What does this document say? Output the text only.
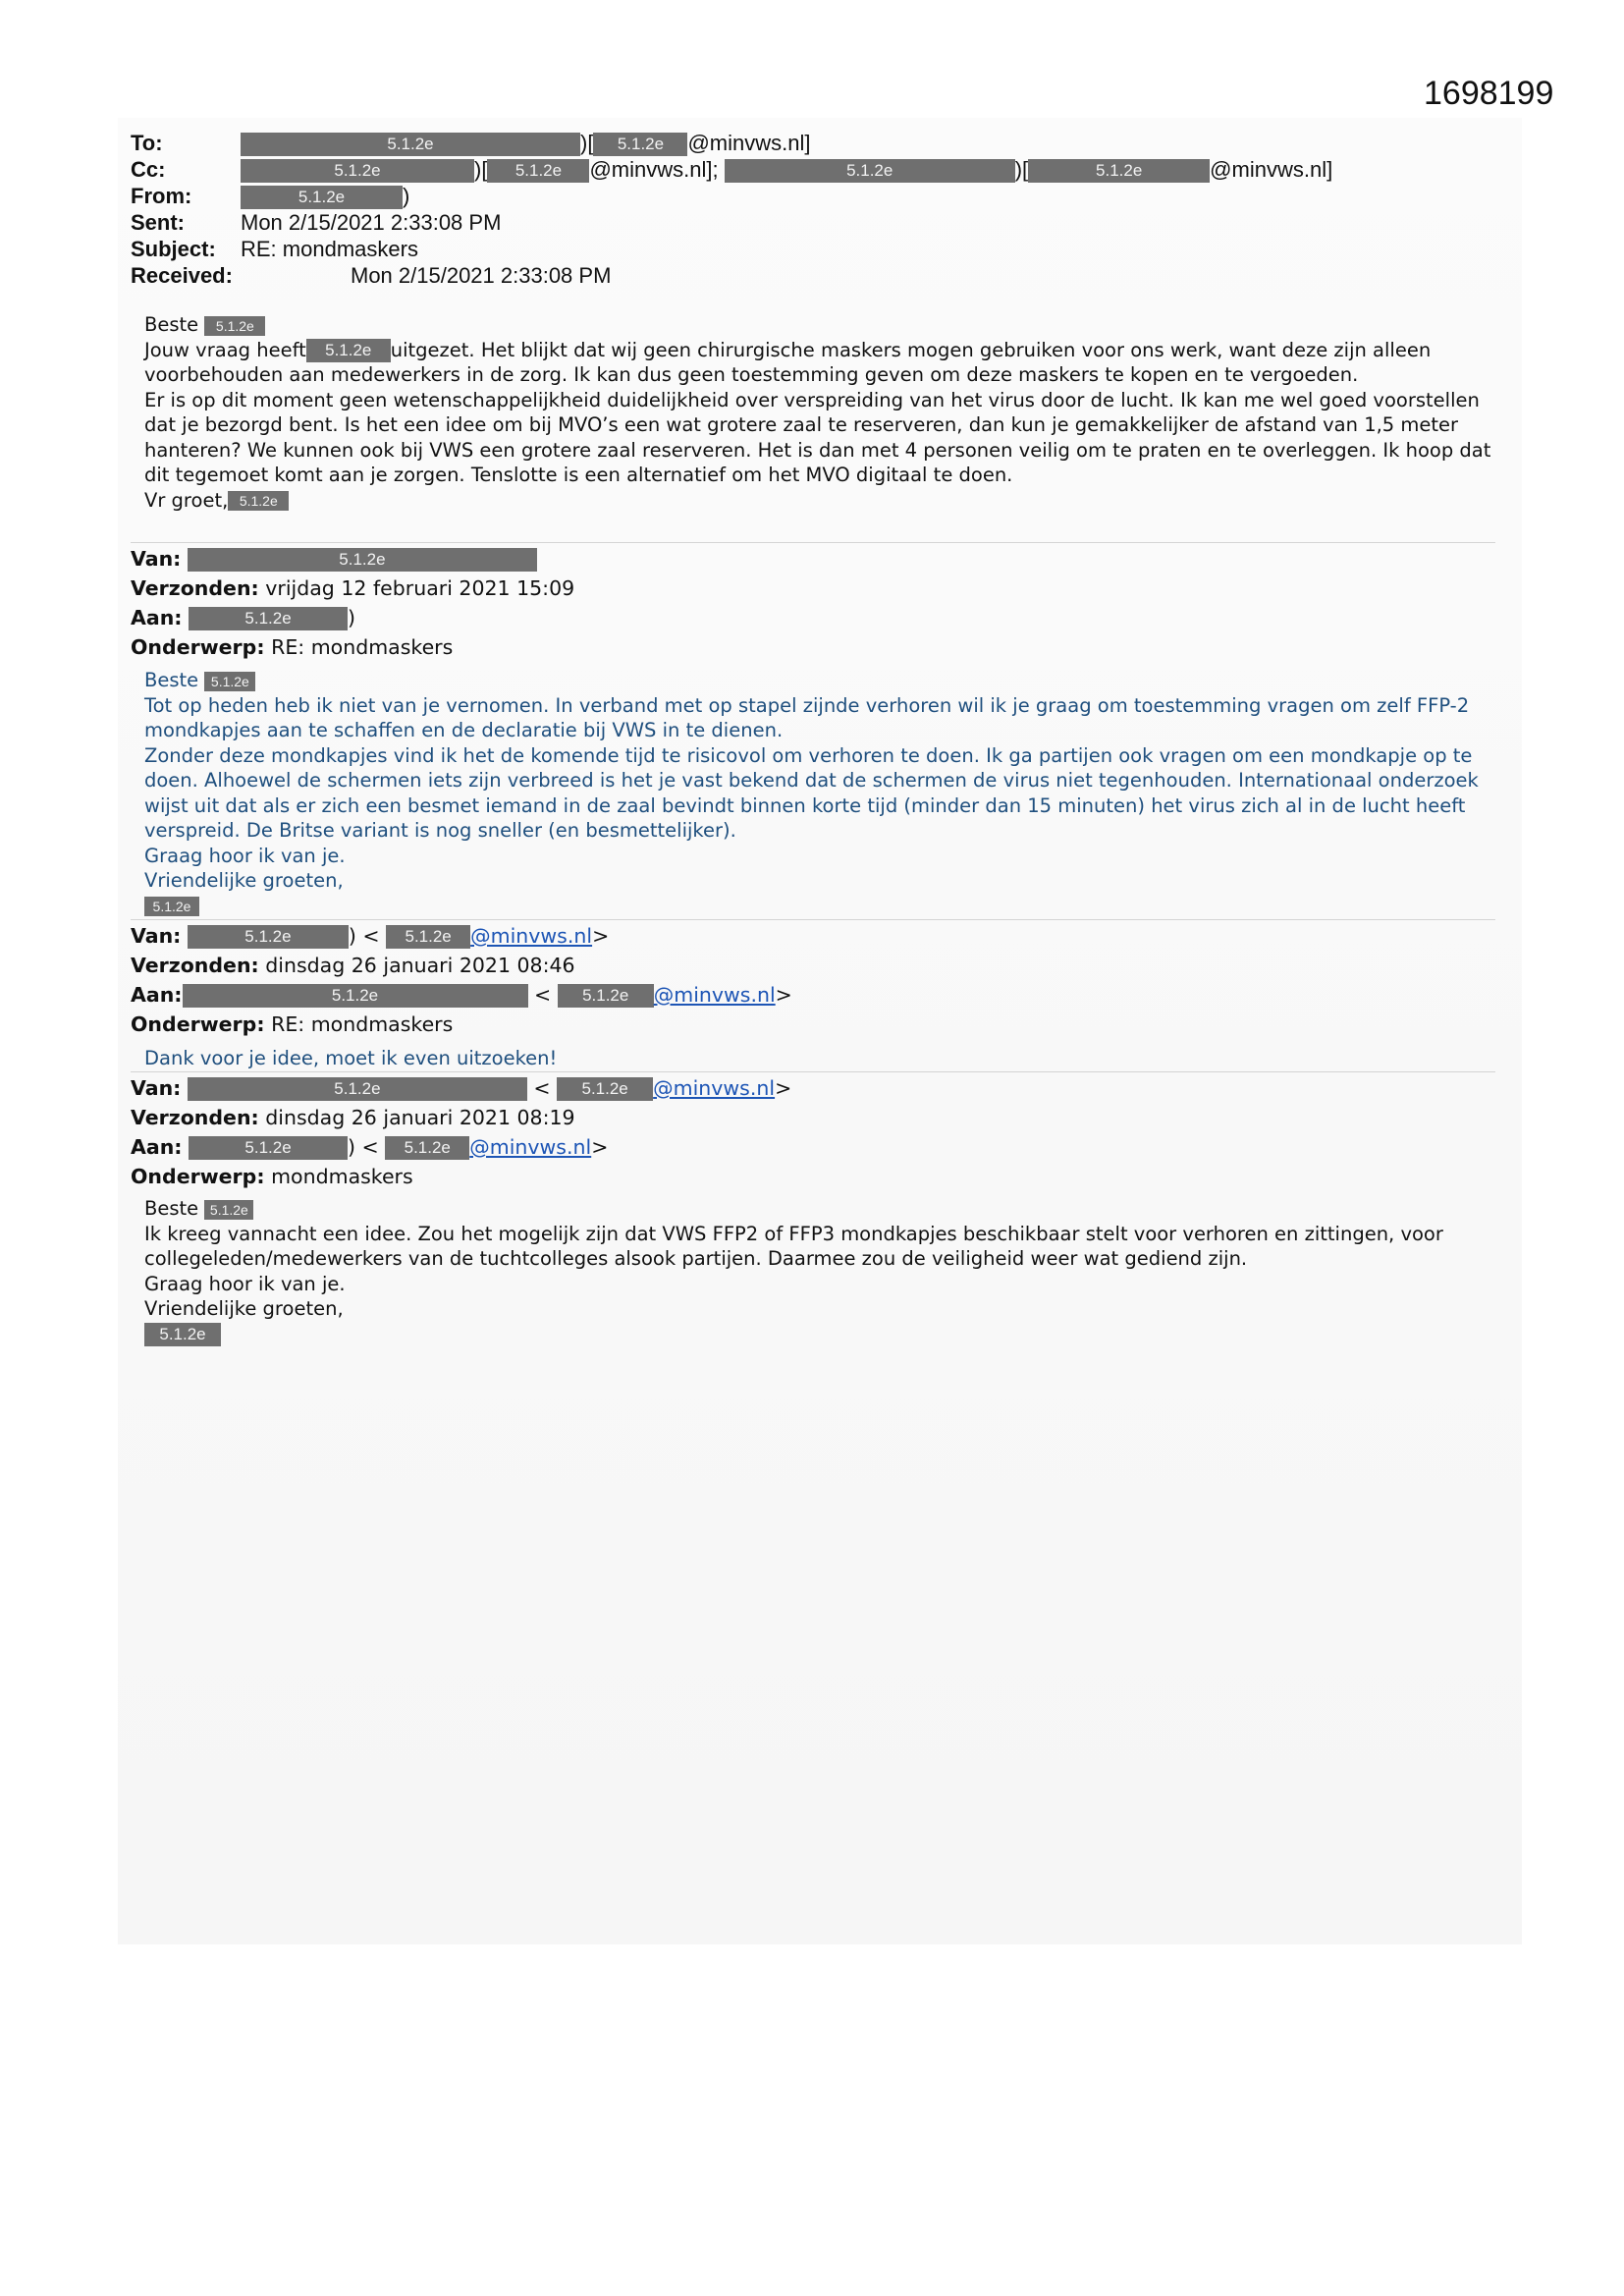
1698199
To:	5.1.2e	)[ 5.1.2e @minvws.nl]
Cc:	5.1.2e	)[ 5.1.2e @minvws.nl];	5.1.2e	)[	5.1.2e	@minvws.nl]
From:	5.1.2e	)
Sent:	Mon 2/15/2021 2:33:08 PM
Subject: RE: mondmaskers
Received:	Mon 2/15/2021 2:33:08 PM

Beste 5.1.2e

Jouw vraag heeft 5.1.2e uitgezet. Het blijkt dat wij geen chirurgische maskers mogen gebruiken voor ons werk, want deze zijn alleen voorbehouden aan medewerkers in de zorg. Ik kan dus geen toestemming geven om deze maskers te kopen en te vergoeden.

Er is op dit moment geen wetenschappelijkheid duidelijkheid over verspreiding van het virus door de lucht. Ik kan me wel goed voorstellen dat je bezorgd bent. Is het een idee om bij MVO’s een wat grotere zaal te reserveren, dan kun je gemakkelijker de afstand van 1,5 meter hanteren? We kunnen ook bij VWS een grotere zaal reserveren. Het is dan met 4 personen veilig om te praten en te overleggen. Ik hoop dat dit tegemoet komt aan je zorgen. Tenslotte is een alternatief om het MVO digitaal te doen.

Vr groet, 5.1.2e

Van:	5.1.2e
Verzonden: vrijdag 12 februari 2021 15:09
Aan:	5.1.2e	)
Onderwerp: RE: mondmaskers

Beste 5.1.2e

Tot op heden heb ik niet van je vernomen. In verband met op stapel zijnde verhoren wil ik je graag om toestemming vragen om zelf FFP-2 mondkapjes aan te schaffen en de declaratie bij VWS in te dienen.

Zonder deze mondkapjes vind ik het de komende tijd te risicovol om verhoren te doen. Ik ga partijen ook vragen om een mondkapje op te doen. Alhoewel de schermen iets zijn verbreed is het je vast bekend dat de schermen de virus niet tegenhouden. Internationaal onderzoek wijst uit dat als er zich een besmet iemand in de zaal bevindt binnen korte tijd (minder dan 15 minuten) het virus zich al in de lucht heeft verspreid. De Britse variant is nog sneller (en besmettelijker).

Graag hoor ik van je.

Vriendelijke groeten,

5.1.2e

Van:	5.1.2e	) < 5.1.2e @minvws.nl>
Verzonden: dinsdag 26 januari 2021 08:46
Aan:	5.1.2e	< 5.1.2e @minvws.nl>
Onderwerp: RE: mondmaskers

Dank voor je idee, moet ik even uitzoeken!

Van:	5.1.2e	< 5.1.2e @minvws.nl>
Verzonden: dinsdag 26 januari 2021 08:19
Aan:	5.1.2e	) < 5.1.2e @minvws.nl>
Onderwerp: mondmaskers

Beste 5.1.2e

Ik kreeg vannacht een idee. Zou het mogelijk zijn dat VWS FFP2 of FFP3 mondkapjes beschikbaar stelt voor verhoren en zittingen, voor collegeleden/medewerkers van de tuchtcolleges alsook partijen. Daarmee zou de veiligheid weer wat gediend zijn.

Graag hoor ik van je.

Vriendelijke groeten,

5.1.2e
